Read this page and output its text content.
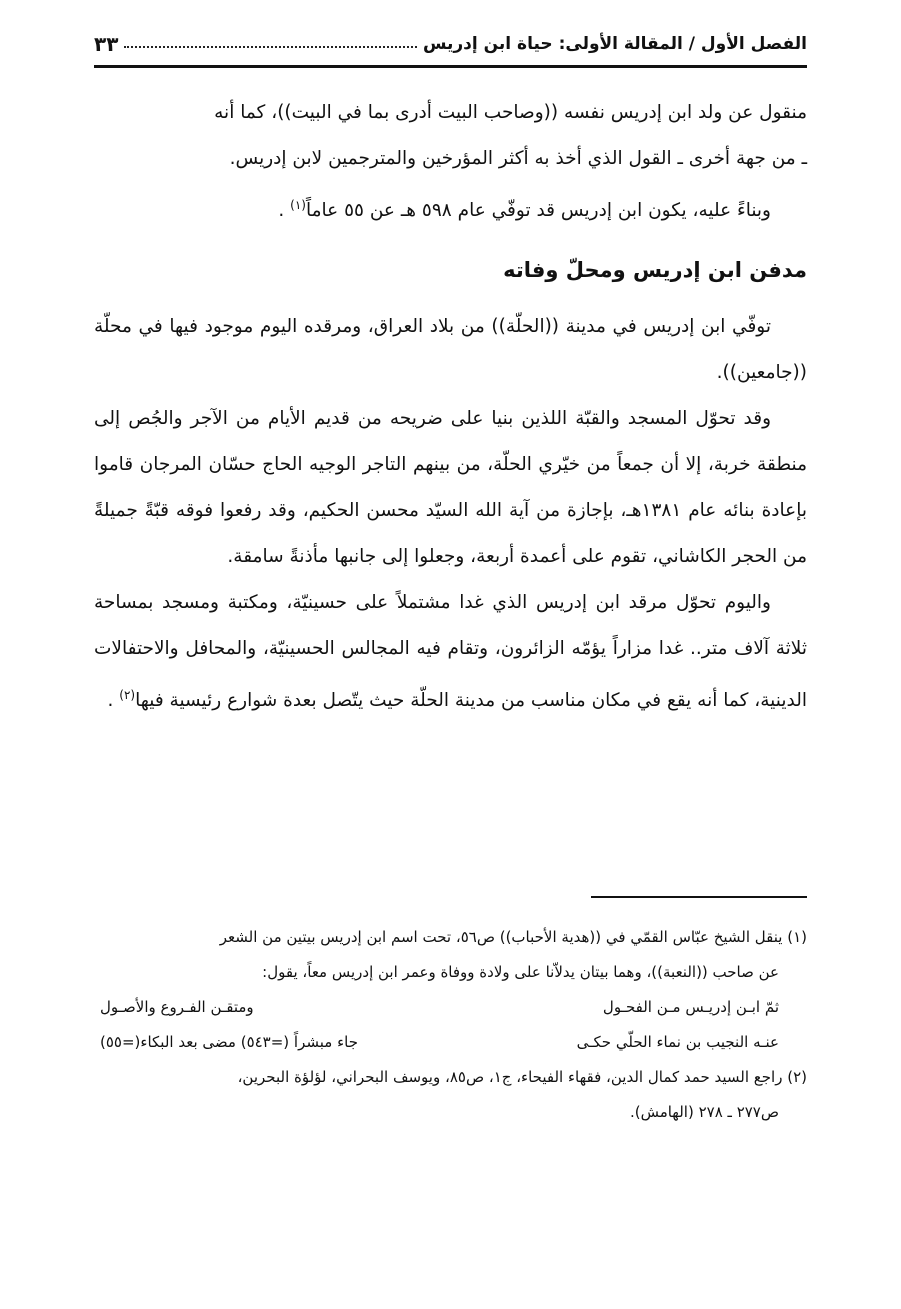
الفصل الأول / المقالة الأولى: حياة ابن إدريس
٣٣

منقول عن ولد ابن إدريس نفسه ((وصاحب البيت أدرى بما في البيت))، كما أنه

ـ من جهة أخرى ـ القول الذي أخذ به أكثر المؤرخين والمترجمين لابن إدريس.

وبناءً عليه، يكون ابن إدريس قد توفّي عام ٥٩٨ هـ عن ٥٥ عاماً$^{(١)}$ .

مدفن ابن إدريس ومحلّ وفاته

توفّي ابن إدريس في مدينة ((الحلّة)) من بلاد العراق، ومرقده اليوم موجود فيها في محلّة ((جامعين)).

وقد تحوّل المسجد والقبّة اللذين بنيا على ضريحه من قديم الأيام من الآجر والجُص إلى منطقة خربة، إلا أن جمعاً من خيّري الحلّة، من بينهم التاجر الوجيه الحاج حسّان المرجان قاموا بإعادة بنائه عام ١٣٨١هـ، بإجازة من آية الله السيّد محسن الحكيم، وقد رفعوا فوقه قبّةً جميلةً من الحجر الكاشاني، تقوم على أعمدة أربعة، وجعلوا إلى جانبها مأذنةً سامقة.

واليوم تحوّل مرقد ابن إدريس الذي غدا مشتملاً على حسينيّة، ومكتبة ومسجد بمساحة ثلاثة آلاف متر.. غدا مزاراً يؤمّه الزائرون، وتقام فيه المجالس الحسينيّة، والمحافل والاحتفالات الدينية، كما أنه يقع في مكان مناسب من مدينة الحلّة حيث يتّصل بعدة شوارع رئيسية فيها$^{(٢)}$ .

(١) ينقل الشيخ عبّاس القمّي في ((هدية الأحباب)) ص٥٦، تحت اسم ابن إدريس بيتين من الشعر

عن صاحب ((النعبة))، وهما بيتان يدلاّنا على ولادة ووفاة وعمر ابن إدريس معاً، يقول:

ثمّ ابـن إدريـس مـن الفحـول
ومتقـن الفـروع والأصـول
عنـه النجيب بن نماء الحلّي حكـى
جاء مبشراً (=٥٤٣) مضى بعد البكاء(=٥٥)

(٢) راجع السيد حمد كمال الدين، فقهاء الفيحاء، ج١، ص٨٥، ويوسف البحراني، لؤلؤة البحرين،

ص٢٧٧ ـ ٢٧٨ (الهامش).
